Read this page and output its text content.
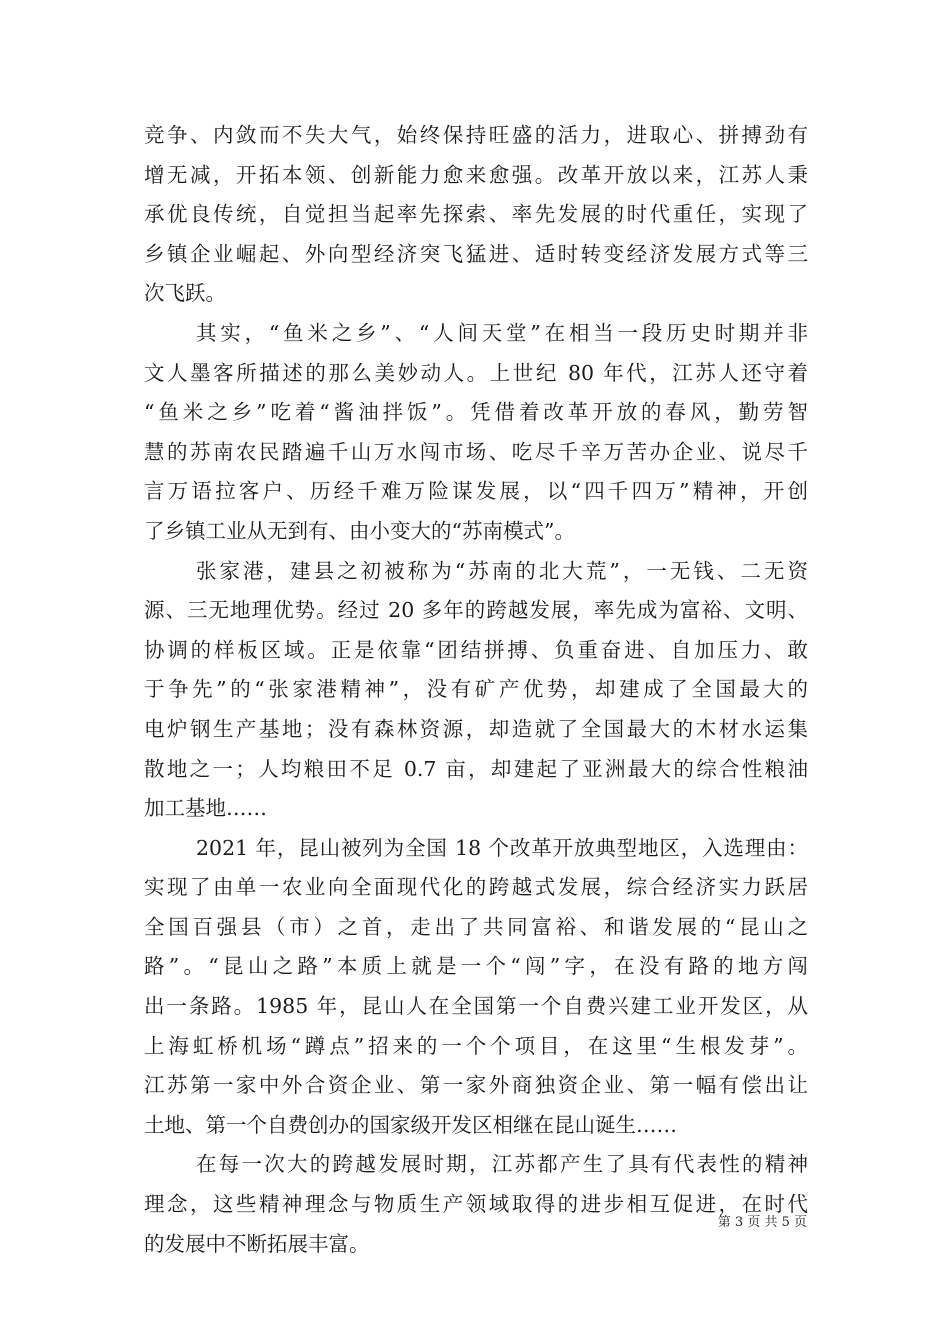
竞争、内敛而不失大气，始终保持旺盛的活力，进取心、拼搏劲有
增无减，开拓本领、创新能力愈来愈强。改革开放以来，江苏人秉
承优良传统，自觉担当起率先探索、率先发展的时代重任，实现了
乡镇企业崛起、外向型经济突飞猛进、适时转变经济发展方式等三
次飞跃。
其实，“鱼米之乡”、“人间天堂”在相当一段历史时期并非
文人墨客所描述的那么美妙动人。上世纪 80 年代，江苏人还守着
“鱼米之乡”吃着“酱油拌饭”。凭借着改革开放的春风，勤劳智
慧的苏南农民踏遍千山万水闯市场、吃尽千辛万苦办企业、说尽千
言万语拉客户、历经千难万险谋发展，以“四千四万”精神，开创
了乡镇工业从无到有、由小变大的“苏南模式”。
张家港，建县之初被称为“苏南的北大荒”，一无钱、二无资
源、三无地理优势。经过 20 多年的跨越发展，率先成为富裕、文明、
协调的样板区域。正是依靠“团结拼搏、负重奋进、自加压力、敢
于争先”的“张家港精神”，没有矿产优势，却建成了全国最大的
电炉钢生产基地；没有森林资源，却造就了全国最大的木材水运集
散地之一；人均粮田不足 0.7 亩，却建起了亚洲最大的综合性粮油
加工基地……
2021 年，昆山被列为全国 18 个改革开放典型地区，入选理由：
实现了由单一农业向全面现代化的跨越式发展，综合经济实力跃居
全国百强县（市）之首，走出了共同富裕、和谐发展的“昆山之
路”。“昆山之路”本质上就是一个“闯”字，在没有路的地方闯
出一条路。1985 年，昆山人在全国第一个自费兴建工业开发区，从
上海虹桥机场“蹲点”招来的一个个项目，在这里“生根发芽”。
江苏第一家中外合资企业、第一家外商独资企业、第一幅有偿出让
土地、第一个自费创办的国家级开发区相继在昆山诞生……
在每一次大的跨越发展时期，江苏都产生了具有代表性的精神
理念，这些精神理念与物质生产领域取得的进步相互促进，在时代
的发展中不断拓展丰富。
第 3 页 共 5 页
